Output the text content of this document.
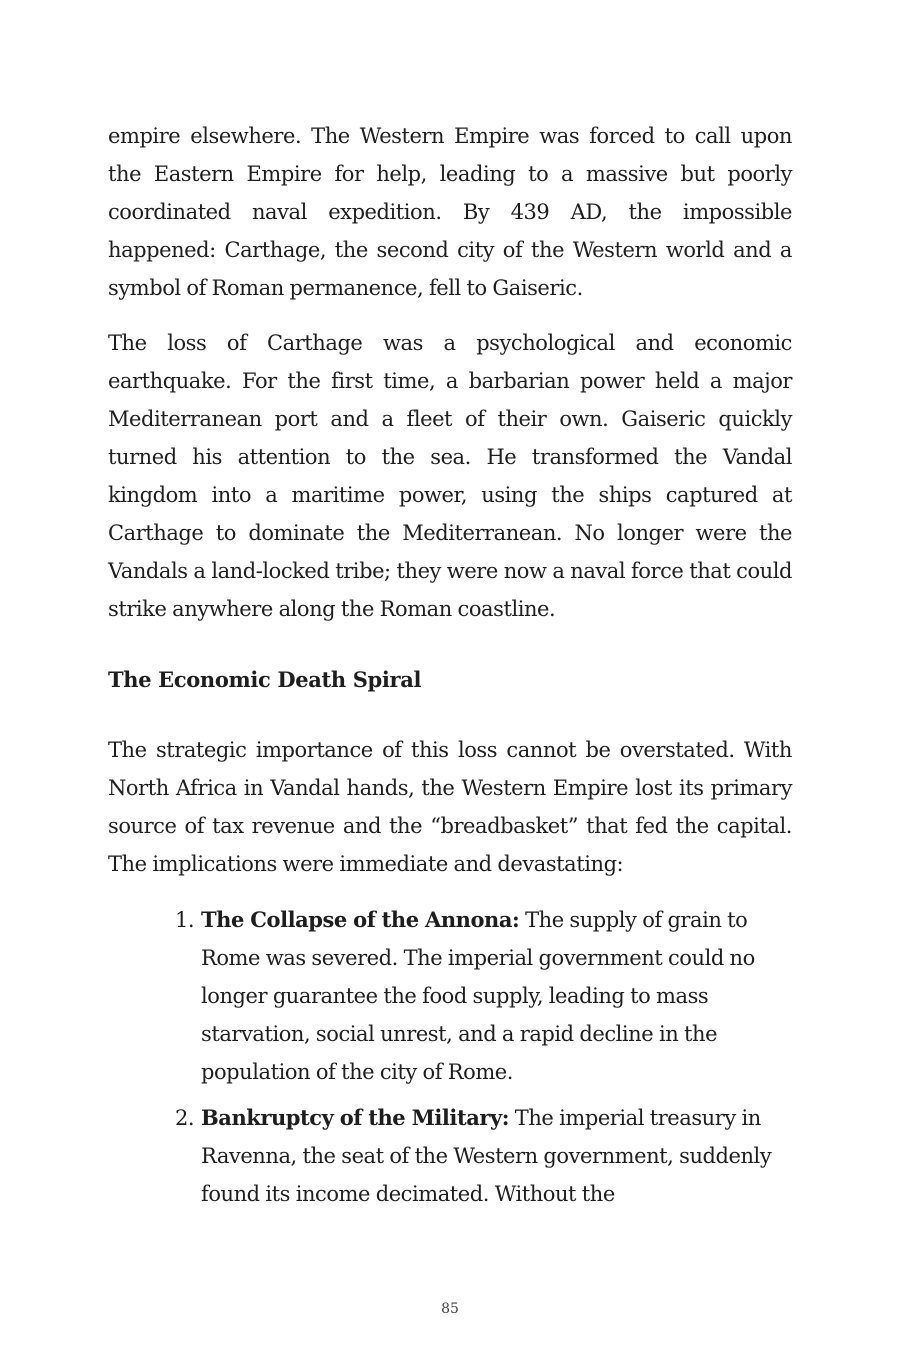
empire elsewhere. The Western Empire was forced to call upon the Eastern Empire for help, leading to a massive but poorly coordinated naval expedition. By 439 AD, the impossible happened: Carthage, the second city of the Western world and a symbol of Roman permanence, fell to Gaiseric.

The loss of Carthage was a psychological and economic earthquake. For the first time, a barbarian power held a major Mediterranean port and a fleet of their own. Gaiseric quickly turned his attention to the sea. He transformed the Vandal kingdom into a maritime power, using the ships captured at Carthage to dominate the Mediterranean. No longer were the Vandals a land-locked tribe; they were now a naval force that could strike anywhere along the Roman coastline.

The Economic Death Spiral

The strategic importance of this loss cannot be overstated. With North Africa in Vandal hands, the Western Empire lost its primary source of tax revenue and the “breadbasket” that fed the capital. The implications were immediate and devastating:

1. The Collapse of the Annona: The supply of grain to Rome was severed. The imperial government could no longer guarantee the food supply, leading to mass starvation, social unrest, and a rapid decline in the population of the city of Rome.
2. Bankruptcy of the Military: The imperial treasury in Ravenna, the seat of the Western government, suddenly found its income decimated. Without the
85
